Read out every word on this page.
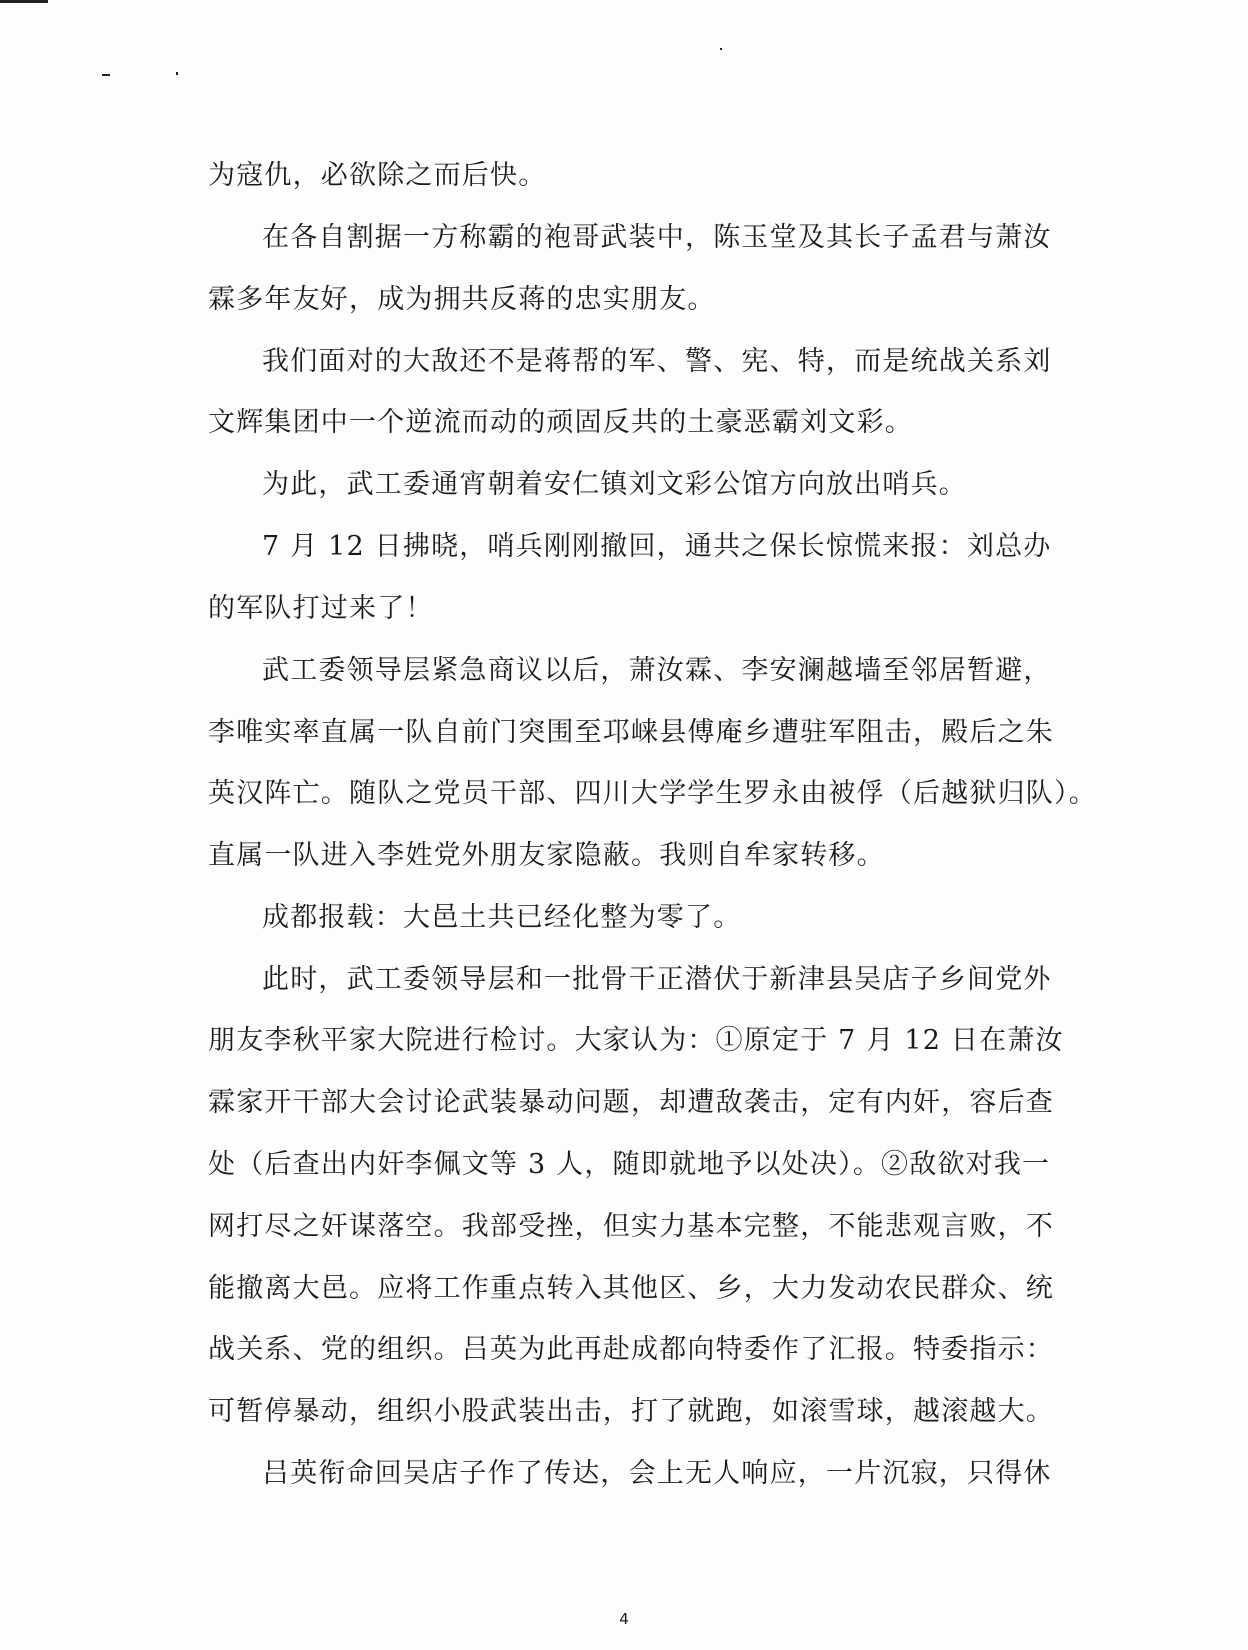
为寇仇，必欲除之而后快。
在各自割据一方称霸的袍哥武装中，陈玉堂及其长子孟君与萧汝
霖多年友好，成为拥共反蒋的忠实朋友。
我们面对的大敌还不是蒋帮的军、警、宪、特，而是统战关系刘
文辉集团中一个逆流而动的顽固反共的土豪恶霸刘文彩。
为此，武工委通宵朝着安仁镇刘文彩公馆方向放出哨兵。
7 月 12 日拂晓，哨兵刚刚撤回，通共之保长惊慌来报：刘总办
的军队打过来了！
武工委领导层紧急商议以后，萧汝霖、李安澜越墙至邻居暂避，
李唯实率直属一队自前门突围至邛崃县傅庵乡遭驻军阻击，殿后之朱
英汉阵亡。随队之党员干部、四川大学学生罗永由被俘（后越狱归队）。
直属一队进入李姓党外朋友家隐蔽。我则自牟家转移。
成都报载：大邑土共已经化整为零了。
此时，武工委领导层和一批骨干正潜伏于新津县吴店子乡间党外
朋友李秋平家大院进行检讨。大家认为：①原定于 7 月 12 日在萧汝
霖家开干部大会讨论武装暴动问题，却遭敌袭击，定有内奸，容后查
处（后查出内奸李佩文等 3 人，随即就地予以处决）。②敌欲对我一
网打尽之奸谋落空。我部受挫，但实力基本完整，不能悲观言败，不
能撤离大邑。应将工作重点转入其他区、乡，大力发动农民群众、统
战关系、党的组织。吕英为此再赴成都向特委作了汇报。特委指示：
可暂停暴动，组织小股武装出击，打了就跑，如滚雪球，越滚越大。
吕英衔命回吴店子作了传达，会上无人响应，一片沉寂，只得休
4
